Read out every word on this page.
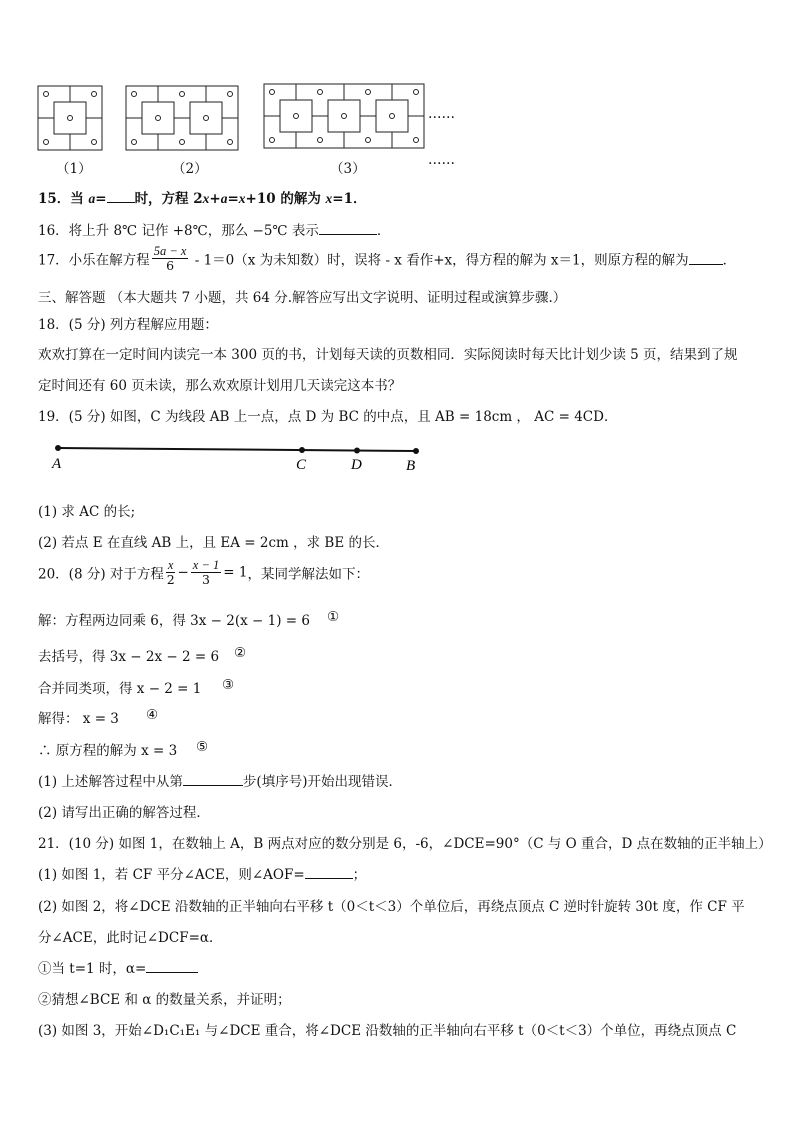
……
（1）	（2）	（3）
……
15．当 a= 时，方程 2x+a=x+10 的解为 x=1．
16．将上升 8℃ 记作 +8℃，那么 −5℃ 表示	．
17．小乐在解方程 $\frac{5a - x}{6} - 1=0(x$ 为未知数）时，误将 - x 看作+x，得方程的解为 x＝1，则原方程的解为	．
三、解答题 （本大题共 7 小题，共 64 分.解答应写出文字说明、证明过程或演算步骤.）
18．(5 分) 列方程解应用题：
欢欢打算在一定时间内读完一本 300 页的书，计划每天读的页数相同．实际阅读时每天比计划少读 5 页，结果到了规
定时间还有 60 页未读，那么欢欢原计划用几天读完这本书？
19．(5 分) 如图，C 为线段 AB 上一点，点 D 为 BC 的中点，且 AB = 18cm ， AC = 4CD．
A	C	D	B
(1) 求 AC 的长;
(2) 若点 E 在直线 AB 上，且 EA = 2cm ，求 BE 的长．
20．(8 分) 对于方程 $\frac{x}{2} - \frac{x - 1}{3} = 1$，某同学解法如下：
解：方程两边同乘 6，得 3x − 2(x − 1) = 6 ①
去括号，得 3x − 2x − 2 = 6 ②
合并同类项，得 x − 2 = 1 ③
解得： x = 3 ④
∴ 原方程的解为 x = 3 ⑤
(1) 上述解答过程中从第	步(填序号)开始出现错误．
(2) 请写出正确的解答过程．
21．(10 分) 如图 1，在数轴上 A，B 两点对应的数分别是 6，-6，∠DCE=90°（C 与 O 重合，D 点在数轴的正半轴上）
(1) 如图 1，若 CF 平分∠ACE，则∠AOF=	；
(2) 如图 2，将∠DCE 沿数轴的正半轴向右平移 t（0＜t＜3）个单位后，再绕点顶点 C 逆时针旋转 30t 度，作 CF 平
分∠ACE，此时记∠DCF=α．
①当 t=1 时，α=
②猜想∠BCE 和 α 的数量关系，并证明；
(3) 如图 3，开始∠D₁C₁E₁ 与∠DCE 重合，将∠DCE 沿数轴的正半轴向右平移 t（0＜t＜3）个单位，再绕点顶点 C
